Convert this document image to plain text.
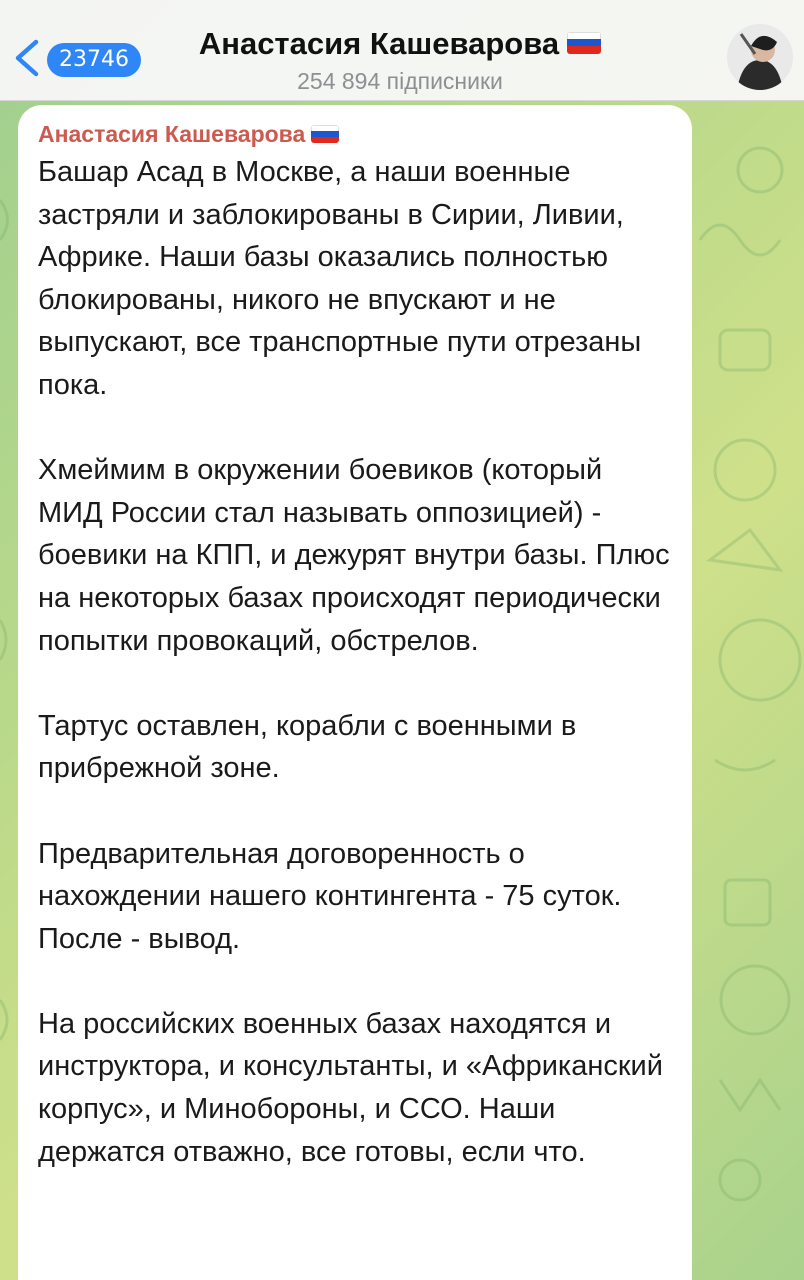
23746	Анастасия Кашеварова
254 894 підписники
Анастасия Кашеварова

Башар Асад в Москве, а наши военные застряли и заблокированы в Сирии, Ливии, Африке. Наши базы оказались полностью блокированы, никого не впускают и не выпускают, все транспортные пути отрезаны пока.

Хмеймим в окружении боевиков (который МИД России стал называть оппозицией) - боевики на КПП, и дежурят внутри базы. Плюс на некоторых базах происходят периодически попытки провокаций, обстрелов.

Тартус оставлен, корабли с военными в прибрежной зоне.

Предварительная договоренность о нахождении нашего контингента - 75 суток. После - вывод.

На российских военных базах находятся и инструктора, и консультанты, и «Африканский корпус», и Минобороны, и ССО. Наши держатся отважно, все готовы, если что.
